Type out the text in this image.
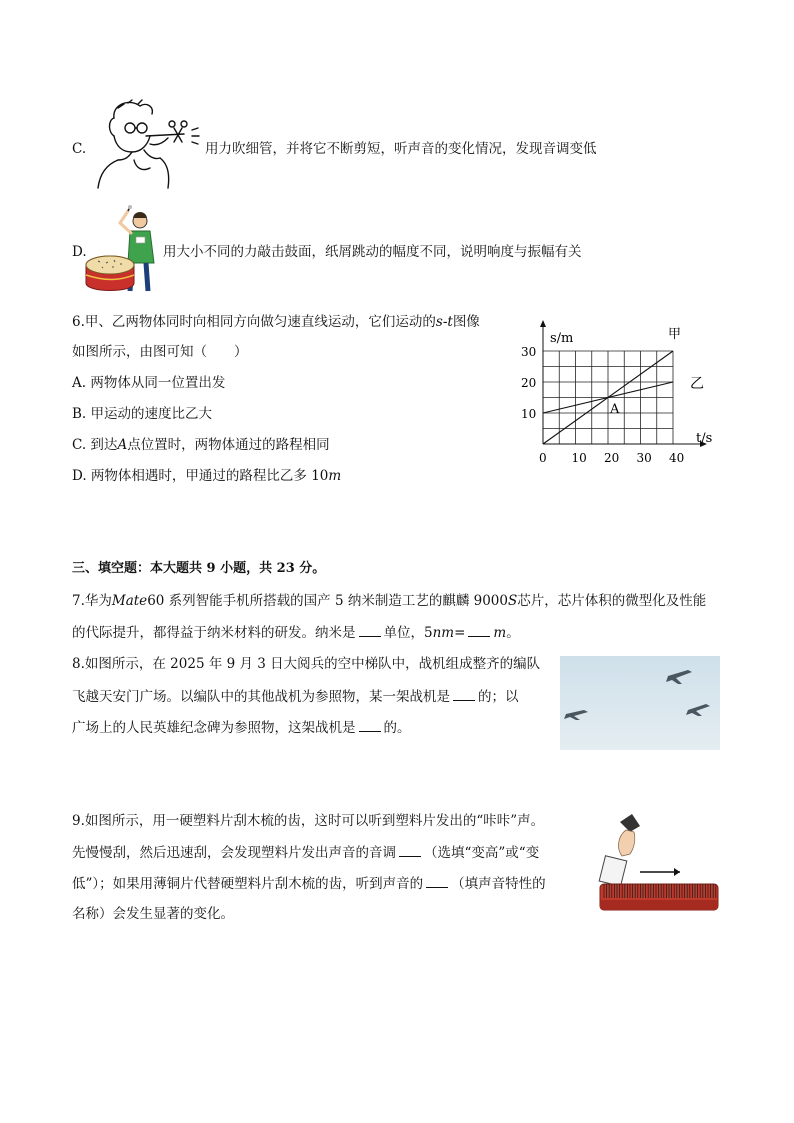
C.	用力吹细管，并将它不断剪短，听声音的变化情况，发现音调变低
D.	用大小不同的力敲击鼓面，纸屑跳动的幅度不同，说明响度与振幅有关
6.甲、乙两物体同时向相同方向做匀速直线运动，它们运动的s-t图像
如图所示，由图可知（　　）
A. 两物体从同一位置出发
B. 甲运动的速度比乙大
C. 到达A点位置时，两物体通过的路程相同
D. 两物体相遇时，甲通过的路程比乙多 10m
0 10 20 30 40
10
20
30
s/m
t/s
甲
乙
A
三、填空题：本大题共 9 小题，共 23 分。
7.华为Mate60 系列智能手机所搭载的国产 5 纳米制造工艺的麒麟 9000S芯片，芯片体积的微型化及性能
的代际提升，都得益于纳米材料的研发。纳米是 单位，5nm= m。
8.如图所示，在 2025 年 9 月 3 日大阅兵的空中梯队中，战机组成整齐的编队
飞越天安门广场。以编队中的其他战机为参照物，某一架战机是 的；以
广场上的人民英雄纪念碑为参照物，这架战机是 的。
9.如图所示，用一硬塑料片刮木梳的齿，这时可以听到塑料片发出的“咔咔”声。
先慢慢刮，然后迅速刮，会发现塑料片发出声音的音调 （选填“变高”或“变
低”）；如果用薄铜片代替硬塑料片刮木梳的齿，听到声音的 （填声音特性的
名称）会发生显著的变化。
